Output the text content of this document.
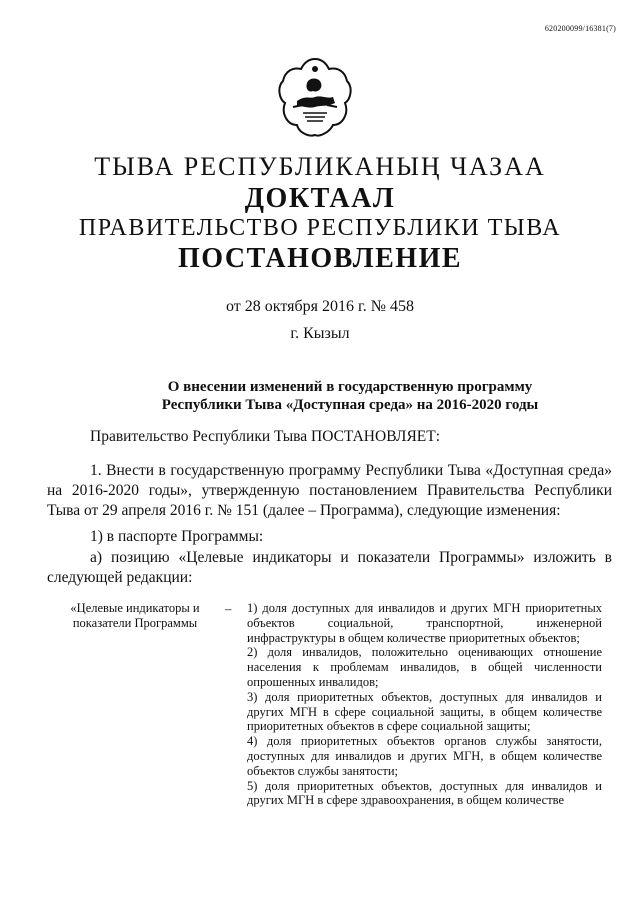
620200099/16381(7)
ТЫВА РЕСПУБЛИКАНЫҢ ЧАЗАА
ДОКТААЛ
ПРАВИТЕЛЬСТВО РЕСПУБЛИКИ ТЫВА
ПОСТАНОВЛЕНИЕ
от 28 октября 2016 г. № 458
г. Кызыл
О внесении изменений в государственную программу
Республики Тыва «Доступная среда» на 2016-2020 годы
Правительство Республики Тыва ПОСТАНОВЛЯЕТ:
1. Внести в государственную программу Республики Тыва «Доступная среда» на 2016-2020 годы», утвержденную постановлением Правительства Республики Тыва от 29 апреля 2016 г. № 151 (далее – Программа), следующие изменения:
1) в паспорте Программы:
а) позицию «Целевые индикаторы и показатели Программы» изложить в следующей редакции:
«Целевые индикаторы и показатели Программы
– 1) доля доступных для инвалидов и других МГН приоритетных объектов социальной, транспортной, инженерной инфраструктуры в общем количестве приоритетных объектов;
2) доля инвалидов, положительно оценивающих отношение населения к проблемам инвалидов, в общей численности опрошенных инвалидов;
3) доля приоритетных объектов, доступных для инвалидов и других МГН в сфере социальной защиты, в общем количестве приоритетных объектов в сфере социальной защиты;
4) доля приоритетных объектов органов службы занятости, доступных для инвалидов и других МГН, в общем количестве объектов службы занятости;
5) доля приоритетных объектов, доступных для инвалидов и других МГН в сфере здравоохранения, в общем количестве
